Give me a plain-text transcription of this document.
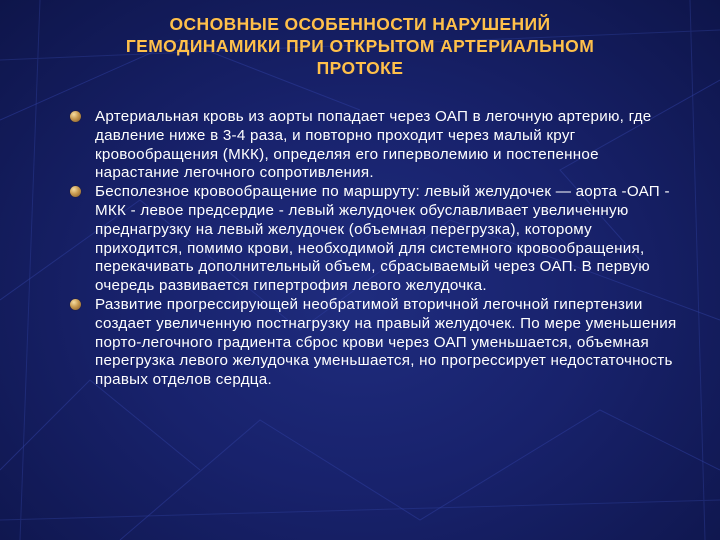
ОСНОВНЫЕ ОСОБЕННОСТИ НАРУШЕНИЙ
ГЕМОДИНАМИКИ ПРИ ОТКРЫТОМ АРТЕРИАЛЬНОМ
ПРОТОКЕ
Артериальная кровь из аорты попадает через ОАП в легочную артерию, где давление ниже в 3-4 раза, и повторно проходит через малый круг кровообращения (МКК), определяя его гиперволемию и постепенное нарастание легочного сопротивления.
Бесполезное кровообращение по маршруту: левый желудочек — аорта -ОАП - МКК - левое предсердие - левый желудочек обуславливает увеличенную преднагрузку на левый желудочек (объемная перегрузка), которому приходится, помимо крови, необходимой для системного кровообращения, перекачивать дополнительный объем, сбрасываемый через ОАП. В первую очередь развивается гипертрофия левого желудочка.
Развитие прогрессирующей необратимой вторичной легочной гипертензии создает увеличенную постнагрузку на правый желудочек. По мере уменьшения порто-легочного градиента сброс крови через ОАП уменьшается, объемная перегрузка левого желудочка уменьшается, но прогрессирует недостаточность правых отделов сердца.
